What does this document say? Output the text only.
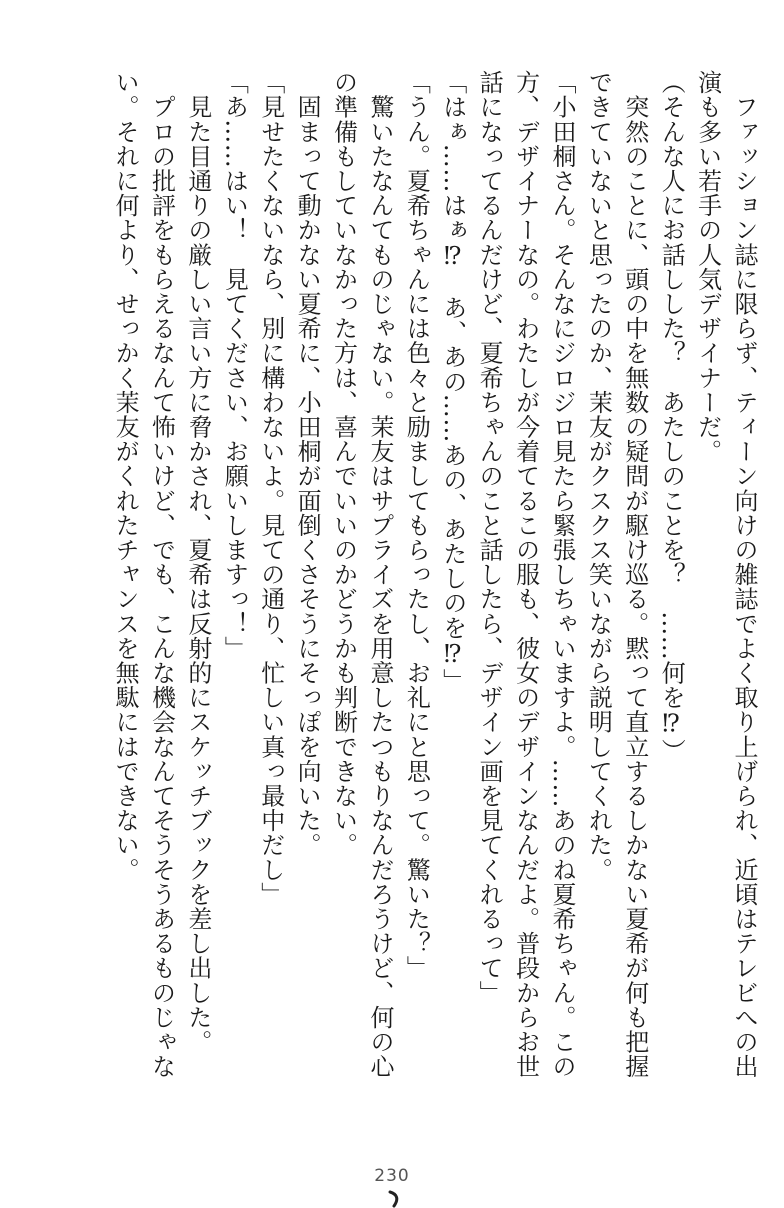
　ファッション誌に限らず、ティーン向けの雑誌でよく取り上げられ、近頃はテレビへの出演も多い若手の人気デザイナーだ。
（そんな人にお話しした？　あたしのことを？　……何を⁉）
　突然のことに、頭の中を無数の疑問が駆け巡る。黙って直立するしかない夏希が何も把握できていないと思ったのか、茉友がクスクス笑いながら説明してくれた。
「小田桐さん。そんなにジロジロ見たら緊張しちゃいますよ。……あのね夏希ちゃん。この方、デザイナーなの。わたしが今着てるこの服も、彼女のデザインなんだよ。普段からお世話になってるんだけど、夏希ちゃんのこと話したら、デザイン画を見てくれるって」
「はぁ……はぁ⁉　あ、あの……あの、あたしのを⁉」
「うん。夏希ちゃんには色々と励ましてもらったし、お礼にと思って。驚いた？」
　驚いたなんてものじゃない。茉友はサプライズを用意したつもりなんだろうけど、何の心の準備もしていなかった方は、喜んでいいのかどうかも判断できない。
　固まって動かない夏希に、小田桐が面倒くさそうにそっぽを向いた。
「見せたくないなら、別に構わないよ。見ての通り、忙しい真っ最中だし」
「あ……はい！　見てください、お願いしますっ！」
　見た目通りの厳しい言い方に脅かされ、夏希は反射的にスケッチブックを差し出した。
　プロの批評をもらえるなんて怖いけど、でも、こんな機会なんてそうそうあるものじゃない。それに何より、せっかく茉友がくれたチャンスを無駄にはできない。
230
